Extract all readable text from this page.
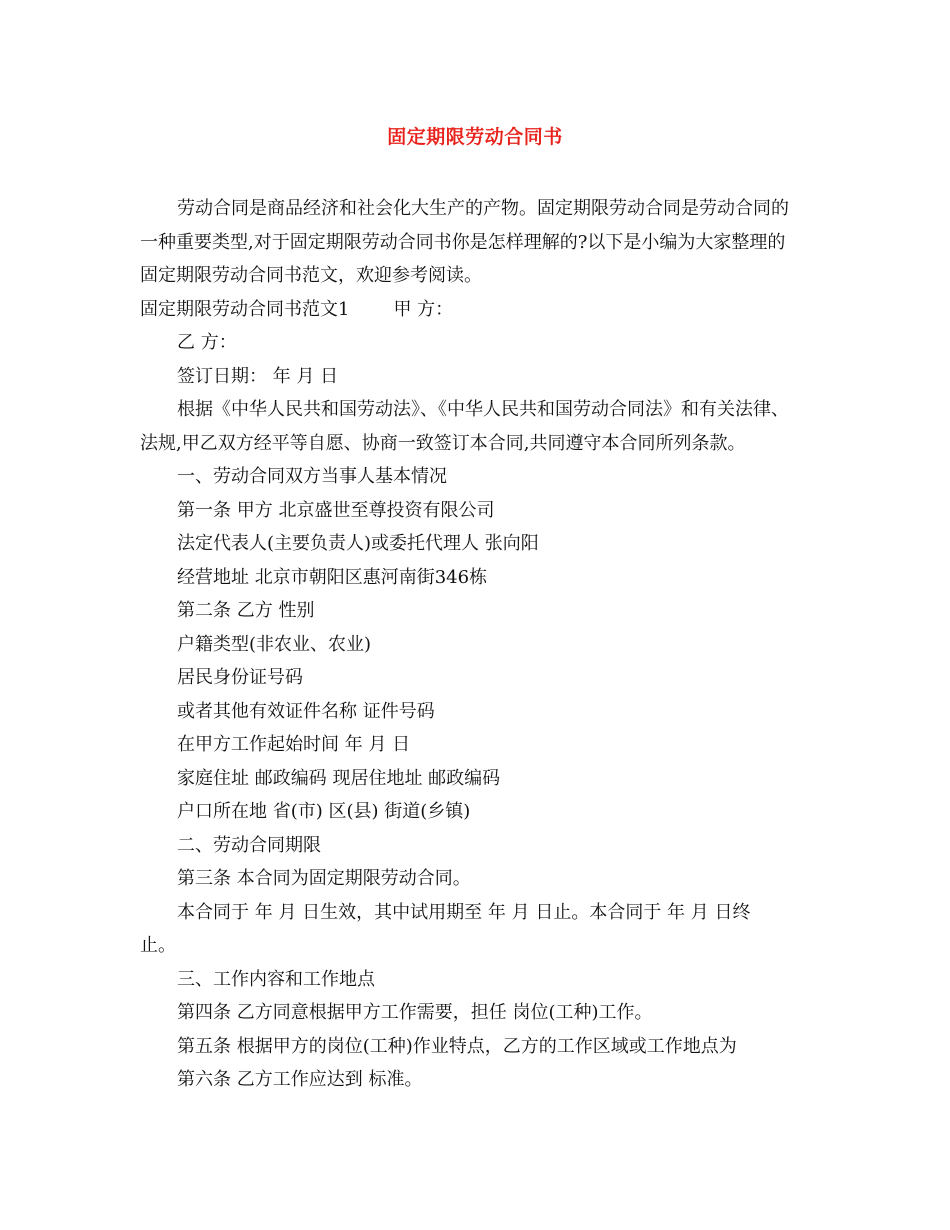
固定期限劳动合同书

劳动合同是商品经济和社会化大生产的产物。固定期限劳动合同是劳动合同的

一种重要类型,对于固定期限劳动合同书你是怎样理解的?以下是小编为大家整理的

固定期限劳动合同书范文，欢迎参考阅读。

固定期限劳动合同书范文1 甲 方：

乙 方：

签订日期： 年 月 日

根据《中华人民共和国劳动法》、《中华人民共和国劳动合同法》和有关法律、

法规,甲乙双方经平等自愿、协商一致签订本合同,共同遵守本合同所列条款。

一、劳动合同双方当事人基本情况

第一条 甲方 北京盛世至尊投资有限公司

法定代表人(主要负责人)或委托代理人 张向阳

经营地址 北京市朝阳区惠河南街346栋

第二条 乙方 性别

户籍类型(非农业、农业)

居民身份证号码

或者其他有效证件名称 证件号码

在甲方工作起始时间 年 月 日

家庭住址 邮政编码 现居住地址 邮政编码

户口所在地 省(市) 区(县) 街道(乡镇)

二、劳动合同期限

第三条 本合同为固定期限劳动合同。

本合同于 年 月 日生效，其中试用期至 年 月 日止。本合同于 年 月 日终

止。

三、工作内容和工作地点

第四条 乙方同意根据甲方工作需要，担任 岗位(工种)工作。

第五条 根据甲方的岗位(工种)作业特点，乙方的工作区域或工作地点为

第六条 乙方工作应达到 标准。
